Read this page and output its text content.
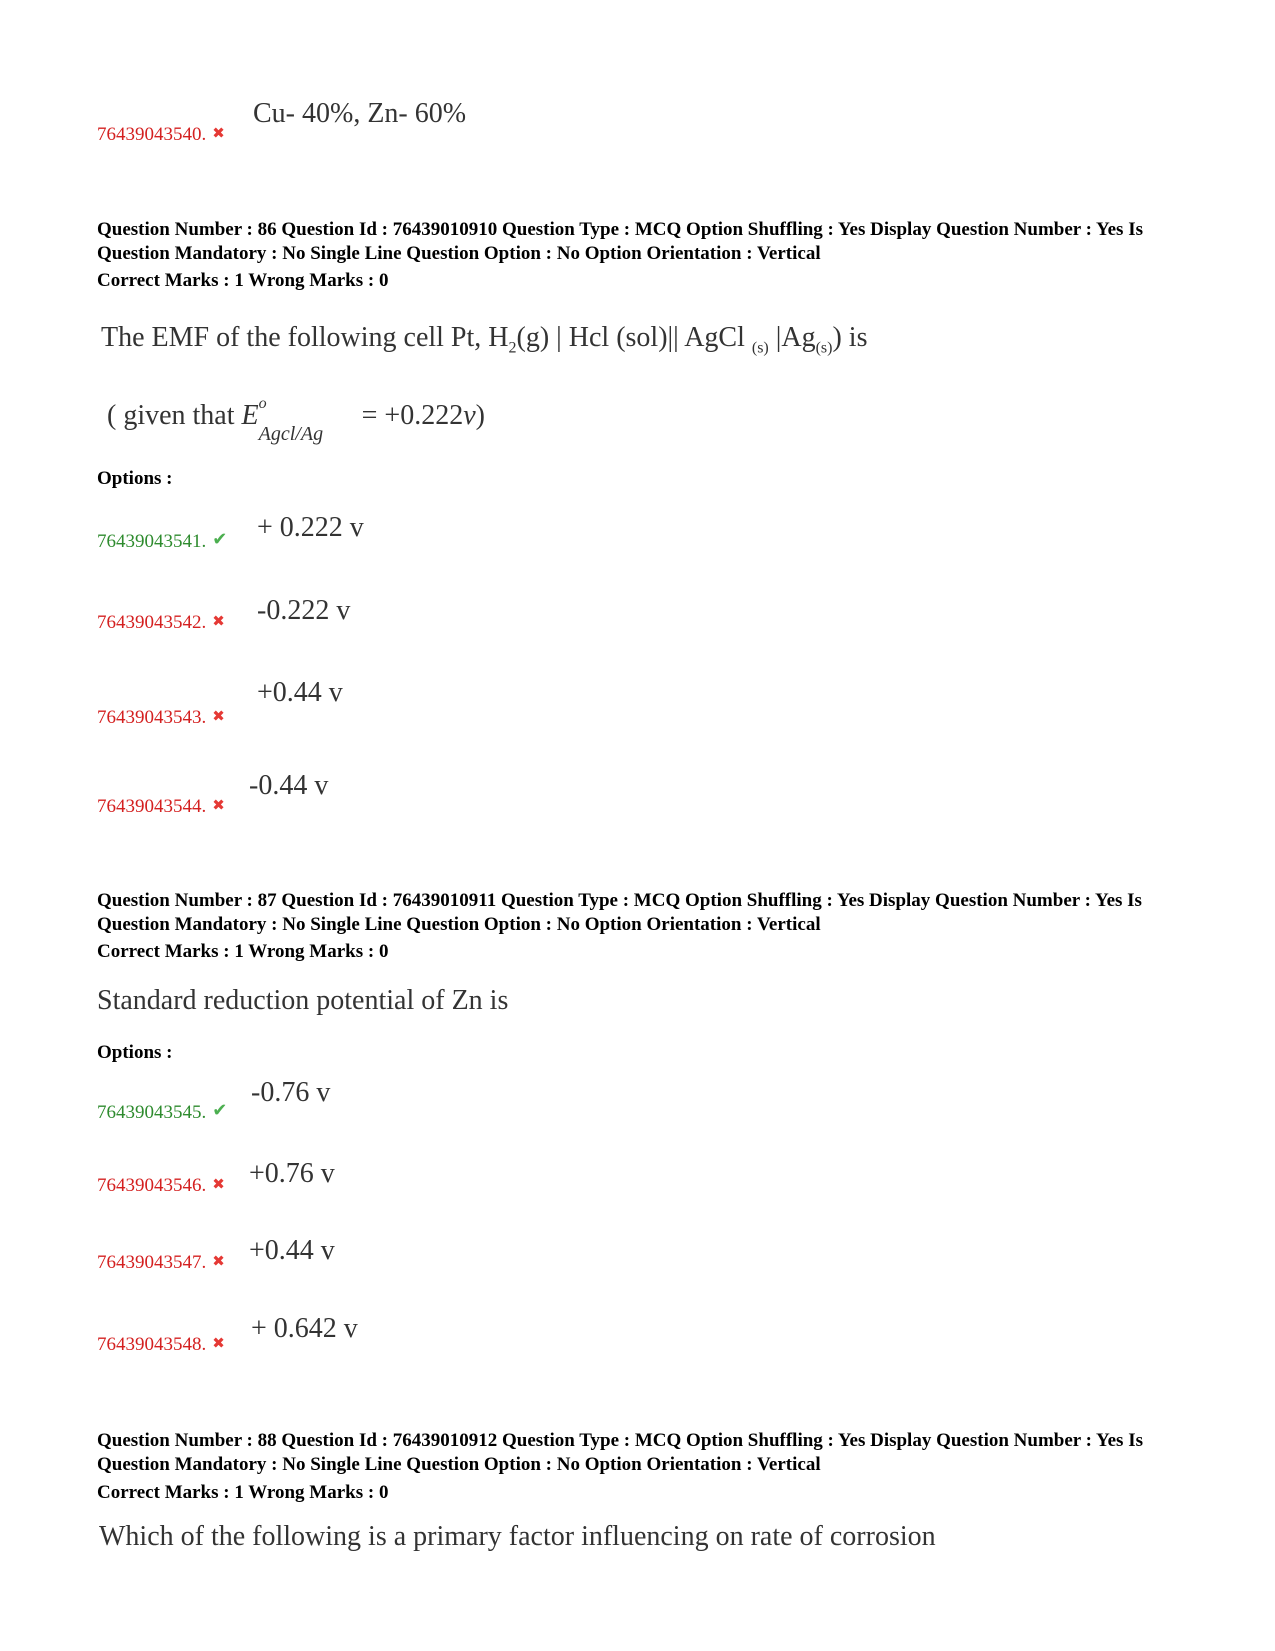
76439043540. ✖
Cu- 40%, Zn- 60%
Question Number : 86 Question Id : 76439010910 Question Type : MCQ Option Shuffling : Yes Display Question Number : Yes Is Question Mandatory : No Single Line Question Option : No Option Orientation : Vertical
Correct Marks : 1 Wrong Marks : 0
The EMF of the following cell Pt, $H_2(g)$ | Hcl (sol)|| AgCl $_{(s)}$ $|Ag_{(s)}$) is
( given that E o
Agcl/Ag
= +0.222v)
Options :
76439043541. ✔ + 0.222 v
76439043542. ✖ -0.222 v
76439043543. ✖
+0.44 v
76439043544. ✖
-0.44 v
Question Number : 87 Question Id : 76439010911 Question Type : MCQ Option Shuffling : Yes Display Question Number : Yes Is Question Mandatory : No Single Line Question Option : No Option Orientation : Vertical
Correct Marks : 1 Wrong Marks : 0
Standard reduction potential of Zn is
Options :
76439043545. ✔
-0.76 v
76439043546. ✖ +0.76 v
76439043547. ✖ +0.44 v
76439043548. ✖ + 0.642 v
Question Number : 88 Question Id : 76439010912 Question Type : MCQ Option Shuffling : Yes Display Question Number : Yes Is Question Mandatory : No Single Line Question Option : No Option Orientation : Vertical
Correct Marks : 1 Wrong Marks : 0
Which of the following is a primary factor influencing on rate of corrosion
